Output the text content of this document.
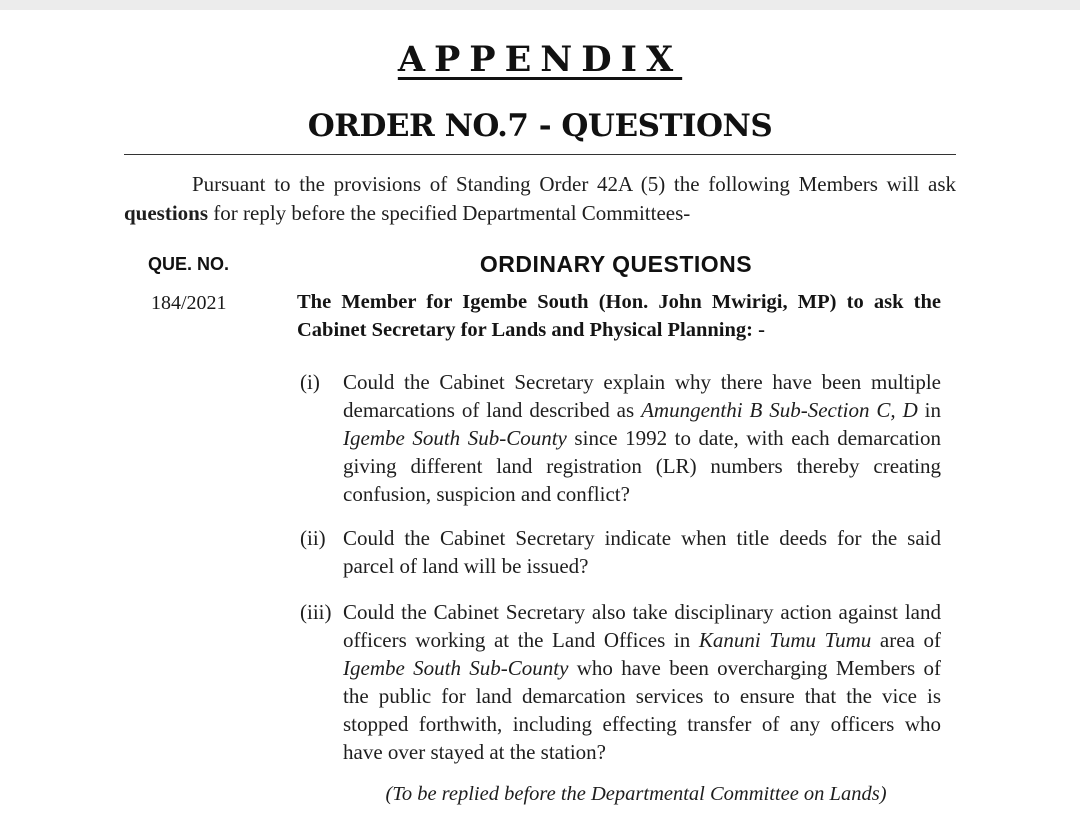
APPENDIX
ORDER NO.7 - QUESTIONS
Pursuant to the provisions of Standing Order 42A (5) the following Members will ask questions for reply before the specified Departmental Committees-
QUE. NO.	ORDINARY QUESTIONS
184/2021	The Member for Igembe South (Hon. John Mwirigi, MP) to ask the Cabinet Secretary for Lands and Physical Planning: -
(i)	Could the Cabinet Secretary explain why there have been multiple demarcations of land described as Amungenthi B Sub-Section C, D in Igembe South Sub-County since 1992 to date, with each demarcation giving different land registration (LR) numbers thereby creating confusion, suspicion and conflict?
(ii) Could the Cabinet Secretary indicate when title deeds for the said parcel of land will be issued?
(iii) Could the Cabinet Secretary also take disciplinary action against land officers working at the Land Offices in Kanuni Tumu Tumu area of Igembe South Sub-County who have been overcharging Members of the public for land demarcation services to ensure that the vice is stopped forthwith, including effecting transfer of any officers who have over stayed at the station?
(To be replied before the Departmental Committee on Lands)
